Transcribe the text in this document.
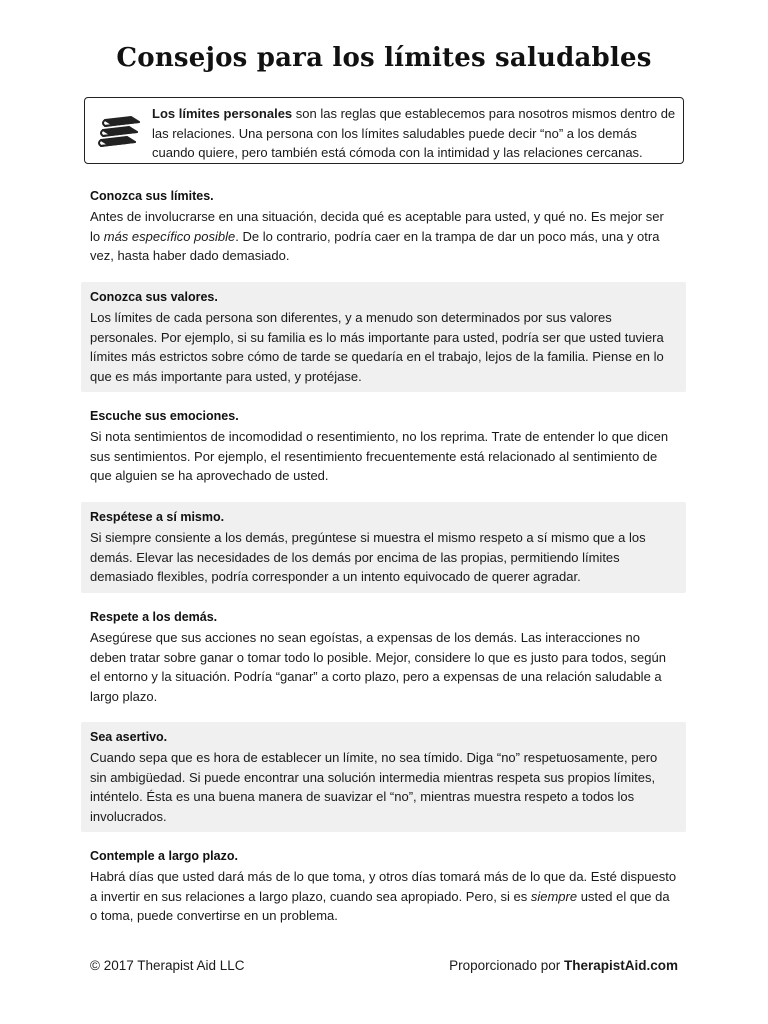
Consejos para los límites saludables
Los límites personales son las reglas que establecemos para nosotros mismos dentro de las relaciones. Una persona con los límites saludables puede decir “no” a los demás cuando quiere, pero también está cómoda con la intimidad y las relaciones cercanas.

Conozca sus límites.

Antes de involucrarse en una situación, decida qué es aceptable para usted, y qué no. Es mejor ser lo más específico posible. De lo contrario, podría caer en la trampa de dar un poco más, una y otra vez, hasta haber dado demasiado.

Conozca sus valores.

Los límites de cada persona son diferentes, y a menudo son determinados por sus valores personales. Por ejemplo, si su familia es lo más importante para usted, podría ser que usted tuviera límites más estrictos sobre cómo de tarde se quedaría en el trabajo, lejos de la familia. Piense en lo que es más importante para usted, y protéjase.

Escuche sus emociones.

Si nota sentimientos de incomodidad o resentimiento, no los reprima. Trate de entender lo que dicen sus sentimientos. Por ejemplo, el resentimiento frecuentemente está relacionado al sentimiento de que alguien se ha aprovechado de usted.

Respétese a sí mismo.

Si siempre consiente a los demás, pregúntese si muestra el mismo respeto a sí mismo que a los demás. Elevar las necesidades de los demás por encima de las propias, permitiendo límites demasiado flexibles, podría corresponder a un intento equivocado de querer agradar.

Respete a los demás.

Asegúrese que sus acciones no sean egoístas, a expensas de los demás. Las interacciones no deben tratar sobre ganar o tomar todo lo posible. Mejor, considere lo que es justo para todos, según el entorno y la situación. Podría “ganar” a corto plazo, pero a expensas de una relación saludable a largo plazo.

Sea asertivo.

Cuando sepa que es hora de establecer un límite, no sea tímido. Diga “no” respetuosamente, pero sin ambigüedad. Si puede encontrar una solución intermedia mientras respeta sus propios límites, inténtelo. Ésta es una buena manera de suavizar el “no”, mientras muestra respeto a todos los involucrados.

Contemple a largo plazo.

Habrá días que usted dará más de lo que toma, y otros días tomará más de lo que da. Esté dispuesto a invertir en sus relaciones a largo plazo, cuando sea apropiado. Pero, si es siempre usted el que da o toma, puede convertirse en un problema.

© 2017 Therapist Aid LLC	Proporcionado por TherapistAid.com
